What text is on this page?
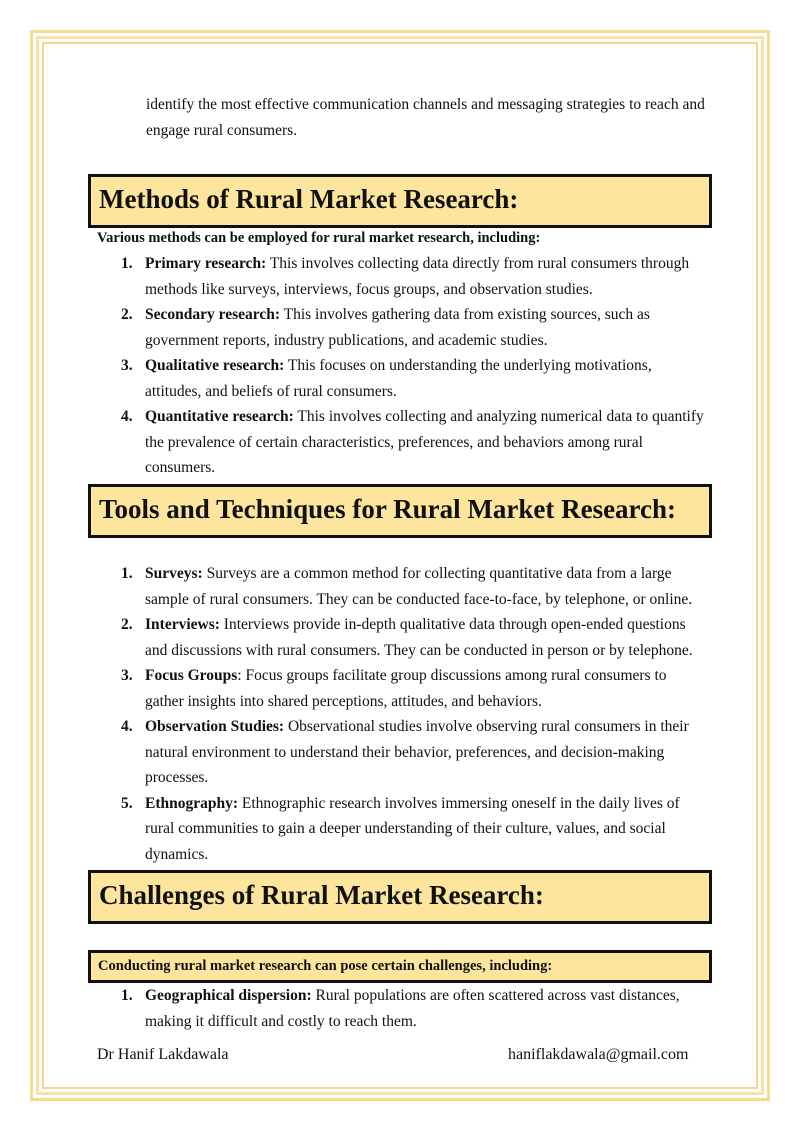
identify the most effective communication channels and messaging strategies to reach and engage rural consumers.

Methods of Rural Market Research:

Various methods can be employed for rural market research, including:

1. Primary research: This involves collecting data directly from rural consumers through methods like surveys, interviews, focus groups, and observation studies.
2. Secondary research: This involves gathering data from existing sources, such as government reports, industry publications, and academic studies.
3. Qualitative research: This focuses on understanding the underlying motivations, attitudes, and beliefs of rural consumers.
4. Quantitative research: This involves collecting and analyzing numerical data to quantify the prevalence of certain characteristics, preferences, and behaviors among rural consumers.
Tools and Techniques for Rural Market Research:
1. Surveys: Surveys are a common method for collecting quantitative data from a large sample of rural consumers. They can be conducted face-to-face, by telephone, or online.
2. Interviews: Interviews provide in-depth qualitative data through open-ended questions and discussions with rural consumers. They can be conducted in person or by telephone.
3. Focus Groups: Focus groups facilitate group discussions among rural consumers to gather insights into shared perceptions, attitudes, and behaviors.
4. Observation Studies: Observational studies involve observing rural consumers in their natural environment to understand their behavior, preferences, and decision-making processes.
5. Ethnography: Ethnographic research involves immersing oneself in the daily lives of rural communities to gain a deeper understanding of their culture, values, and social dynamics.
Challenges of Rural Market Research:

Conducting rural market research can pose certain challenges, including:

1. Geographical dispersion: Rural populations are often scattered across vast distances, making it difficult and costly to reach them.
Dr Hanif Lakdawala	haniflakdawala@gmail.com
